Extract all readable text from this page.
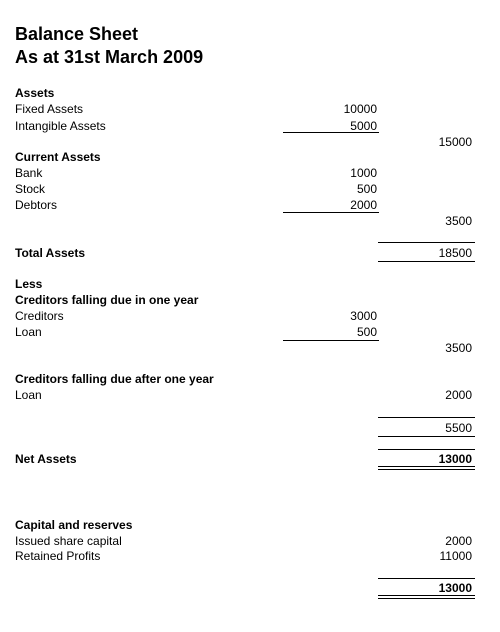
Balance Sheet
As at 31st March 2009
Assets
Fixed Assets	10000
Intangible Assets	5000
15000
Current Assets
Bank	1000
Stock	500
Debtors	2000
3500
Total Assets	18500
Less
Creditors falling due in one year
Creditors	3000
Loan	500
3500
Creditors falling due after one year
Loan	2000
5500
Net Assets	13000
Capital and reserves
Issued share capital	2000
Retained Profits	11000
13000
